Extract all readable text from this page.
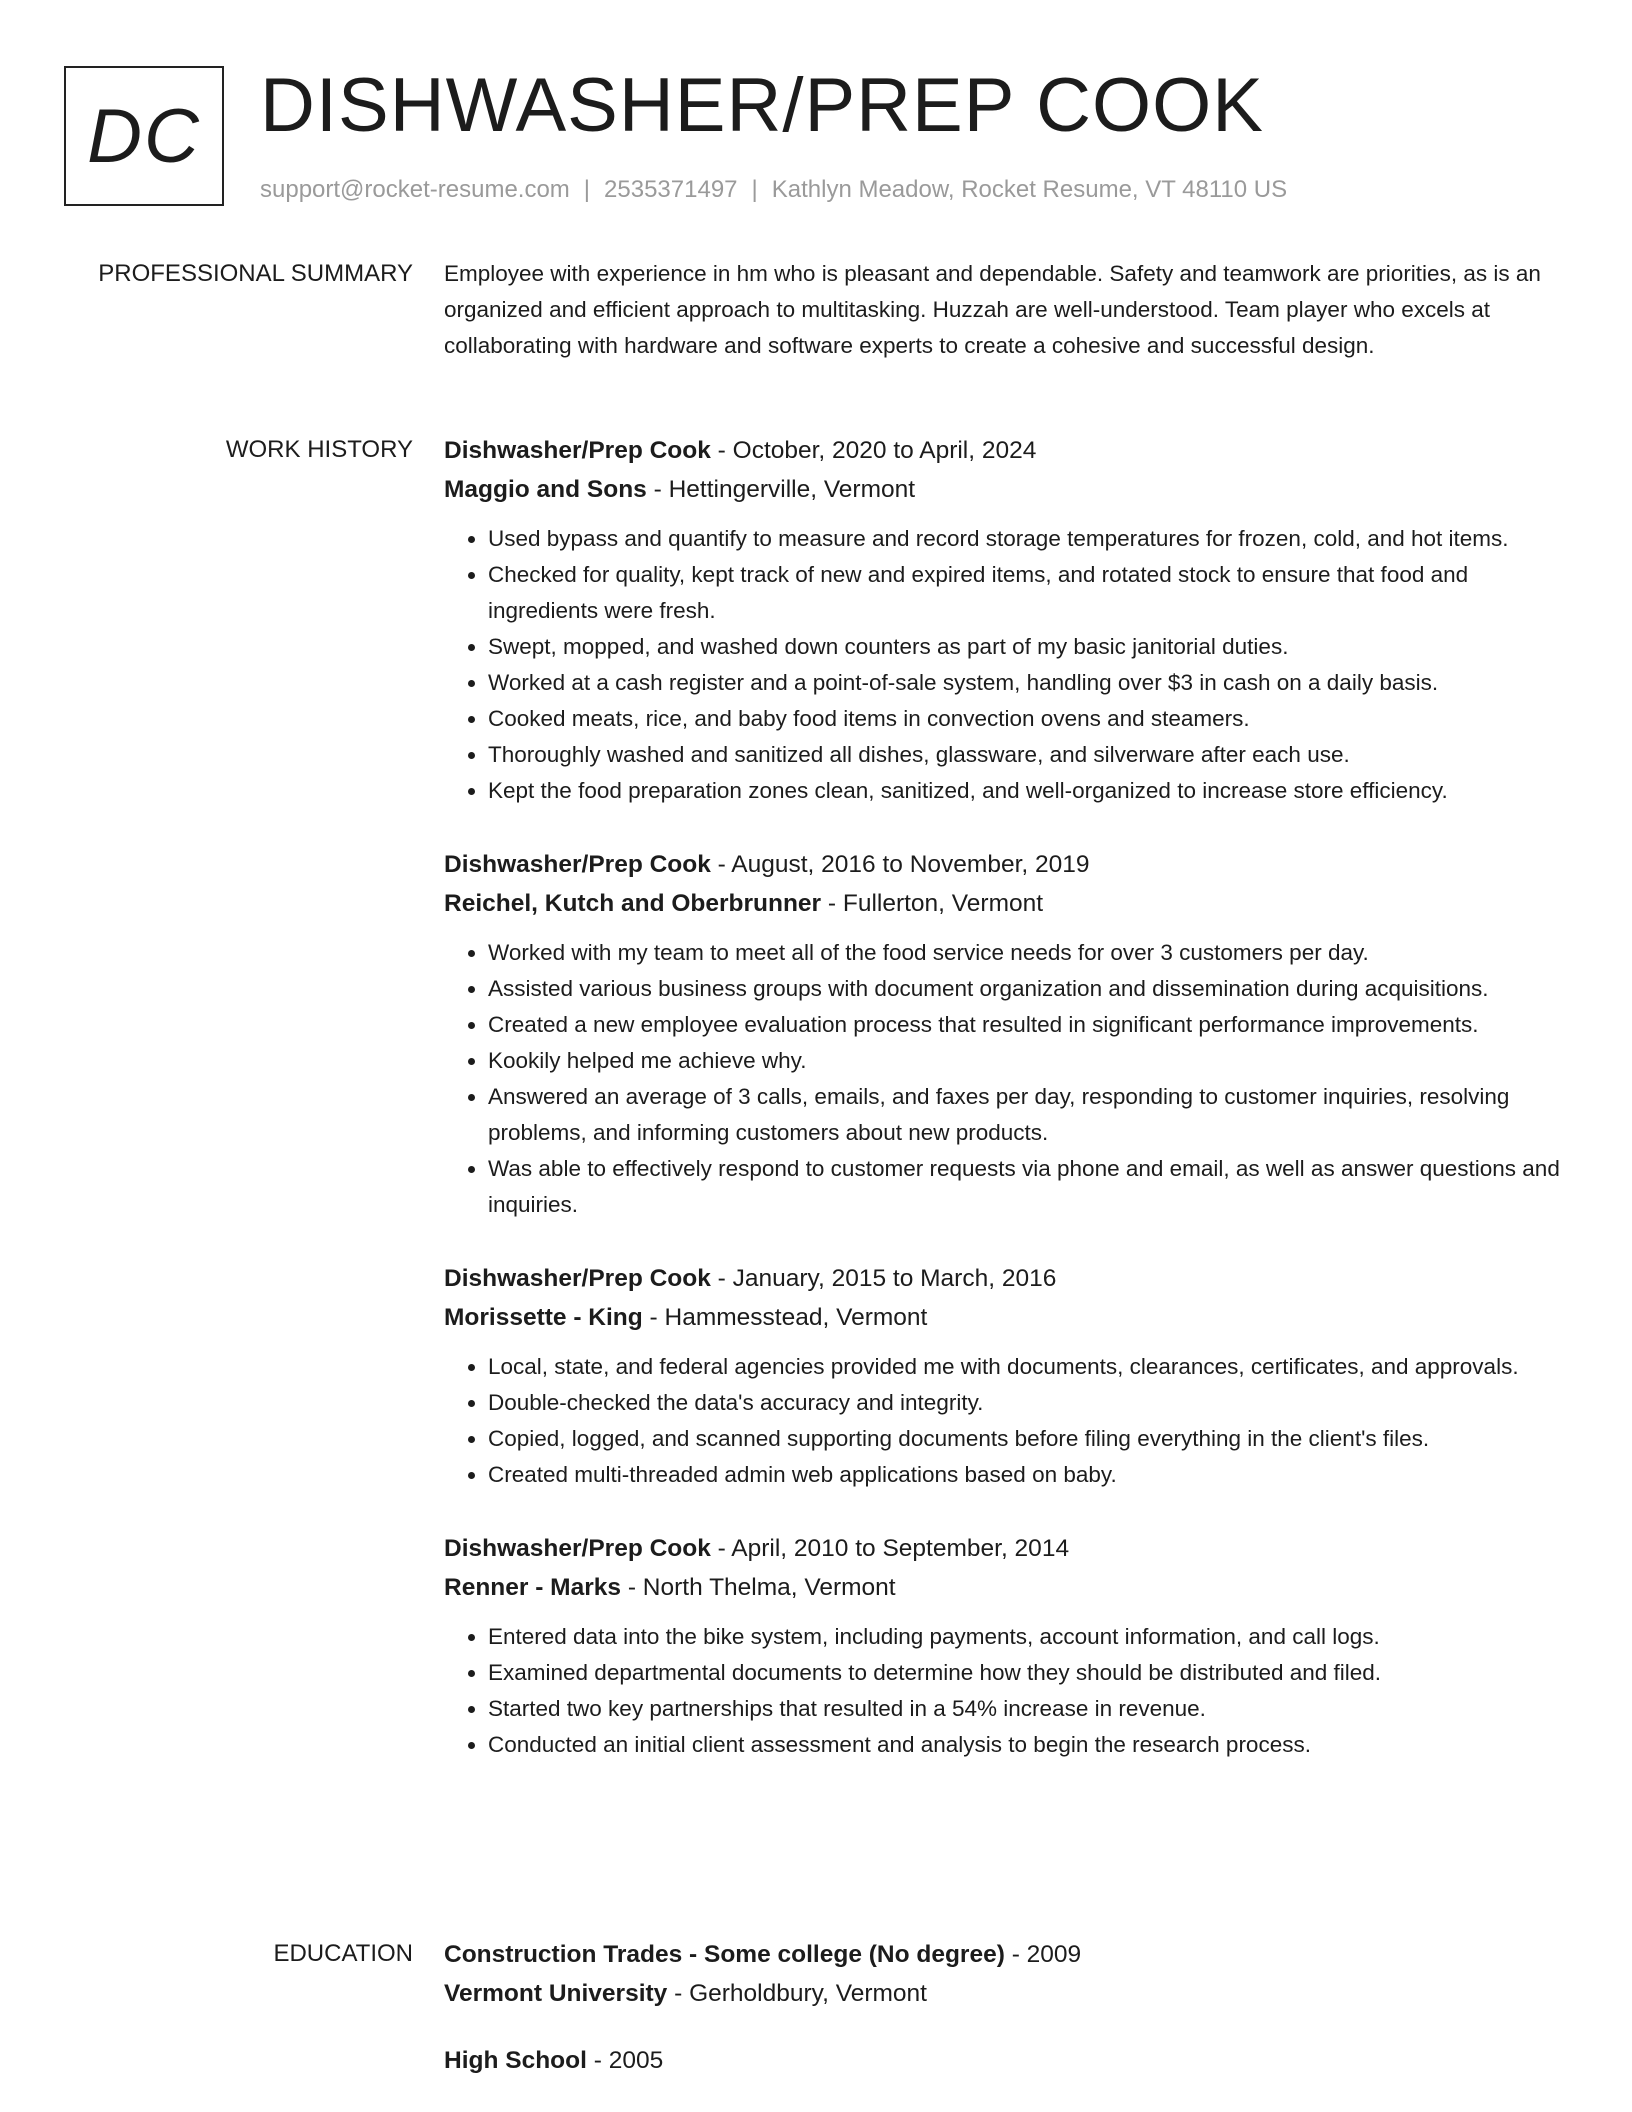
DC DISHWASHER/PREP COOK
support@rocket-resume.com | 2535371497 | Kathlyn Meadow, Rocket Resume, VT 48110 US
PROFESSIONAL SUMMARY Employee with experience in hm who is pleasant and dependable. Safety and teamwork are priorities, as is an organized and efficient approach to multitasking. Huzzah are well-understood. Team player who excels at collaborating with hardware and software experts to create a cohesive and successful design.

WORK HISTORY Dishwasher/Prep Cook - October, 2020 to April, 2024
Maggio and Sons - Hettingerville, Vermont
• Used bypass and quantify to measure and record storage temperatures for frozen, cold, and hot items.
• Checked for quality, kept track of new and expired items, and rotated stock to ensure that food and ingredients were fresh.
• Swept, mopped, and washed down counters as part of my basic janitorial duties.
• Worked at a cash register and a point-of-sale system, handling over $3 in cash on a daily basis.
• Cooked meats, rice, and baby food items in convection ovens and steamers.
• Thoroughly washed and sanitized all dishes, glassware, and silverware after each use.
• Kept the food preparation zones clean, sanitized, and well-organized to increase store efficiency.
Dishwasher/Prep Cook - August, 2016 to November, 2019
Reichel, Kutch and Oberbrunner - Fullerton, Vermont
• Worked with my team to meet all of the food service needs for over 3 customers per day.
• Assisted various business groups with document organization and dissemination during acquisitions.
• Created a new employee evaluation process that resulted in significant performance improvements.
• Kookily helped me achieve why.
• Answered an average of 3 calls, emails, and faxes per day, responding to customer inquiries, resolving problems, and informing customers about new products.
• Was able to effectively respond to customer requests via phone and email, as well as answer questions and inquiries.
Dishwasher/Prep Cook - January, 2015 to March, 2016
Morissette - King - Hammesstead, Vermont
• Local, state, and federal agencies provided me with documents, clearances, certificates, and approvals.
• Double-checked the data's accuracy and integrity.
• Copied, logged, and scanned supporting documents before filing everything in the client's files.
• Created multi-threaded admin web applications based on baby.
Dishwasher/Prep Cook - April, 2010 to September, 2014
Renner - Marks - North Thelma, Vermont
• Entered data into the bike system, including payments, account information, and call logs.
• Examined departmental documents to determine how they should be distributed and filed.
• Started two key partnerships that resulted in a 54% increase in revenue.
• Conducted an initial client assessment and analysis to begin the research process.
EDUCATION Construction Trades - Some college (No degree) - 2009
Vermont University - Gerholdbury, Vermont
High School - 2005
